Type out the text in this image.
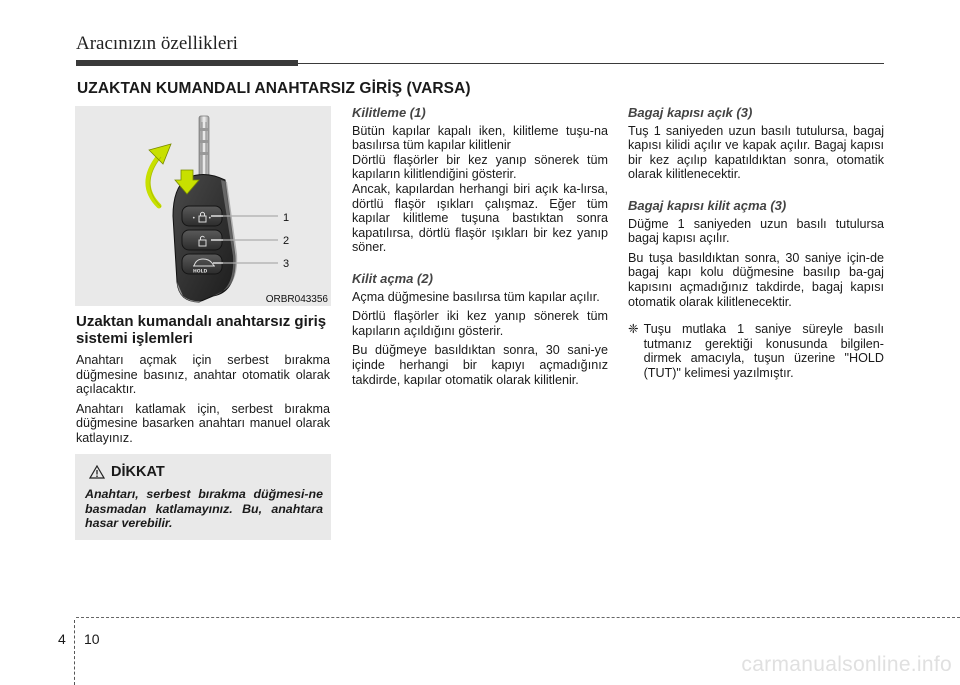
Aracınızın özellikleri
UZAKTAN KUMANDALI ANAHTARSIZ GİRİŞ (VARSA)
• •
HOLD
1
2
3
ORBR043356
Uzaktan kumandalı anahtarsız giriş sistemi işlemleri

Anahtarı açmak için serbest bırakma düğmesine basınız, anahtar otomatik olarak açılacaktır.

Anahtarı katlamak için, serbest bırakma düğmesine basarken anahtarı manuel olarak katlayınız.

DİKKAT
Anahtarı, serbest bırakma düğmesi-ne basmadan katlamayınız. Bu, anahtara hasar verebilir.
Kilitleme (1)

Bütün kapılar kapalı iken, kilitleme tuşu-na basılırsa tüm kapılar kilitlenir

Dörtlü flaşörler bir kez yanıp sönerek tüm kapıların kilitlendiğini gösterir.

Ancak, kapılardan herhangi biri açık ka-lırsa, dörtlü flaşör ışıkları çalışmaz. Eğer tüm kapılar kilitleme tuşuna bastıktan sonra kapatılırsa, dörtlü flaşör ışıkları bir kez yanıp söner.

Kilit açma (2)

Açma düğmesine basılırsa tüm kapılar açılır.

Dörtlü flaşörler iki kez yanıp sönerek tüm kapıların açıldığını gösterir.

Bu düğmeye basıldıktan sonra, 30 sani-ye içinde herhangi bir kapıyı açmadığınız takdirde, kapılar otomatik olarak kilitlenir.

Bagaj kapısı açık (3)

Tuş 1 saniyeden uzun basılı tutulursa, bagaj kapısı kilidi açılır ve kapak açılır. Bagaj kapısı bir kez açılıp kapatıldıktan sonra, otomatik olarak kilitlenecektir.

Bagaj kapısı kilit açma (3)

Düğme 1 saniyeden uzun basılı tutulursa bagaj kapısı açılır.

Bu tuşa basıldıktan sonra, 30 saniye için-de bagaj kapı kolu düğmesine basılıp ba-gaj kapısını açmadığınız takdirde, bagaj kapısı otomatik olarak kilitlenecektir.

❈ Tuşu mutlaka 1 saniye süreyle basılı tutmanız gerektiği konusunda bilgilen-dirmek amacıyla, tuşun üzerine "HOLD (TUT)" kelimesi yazılmıştır.
4 10
carmanualsonline.info
